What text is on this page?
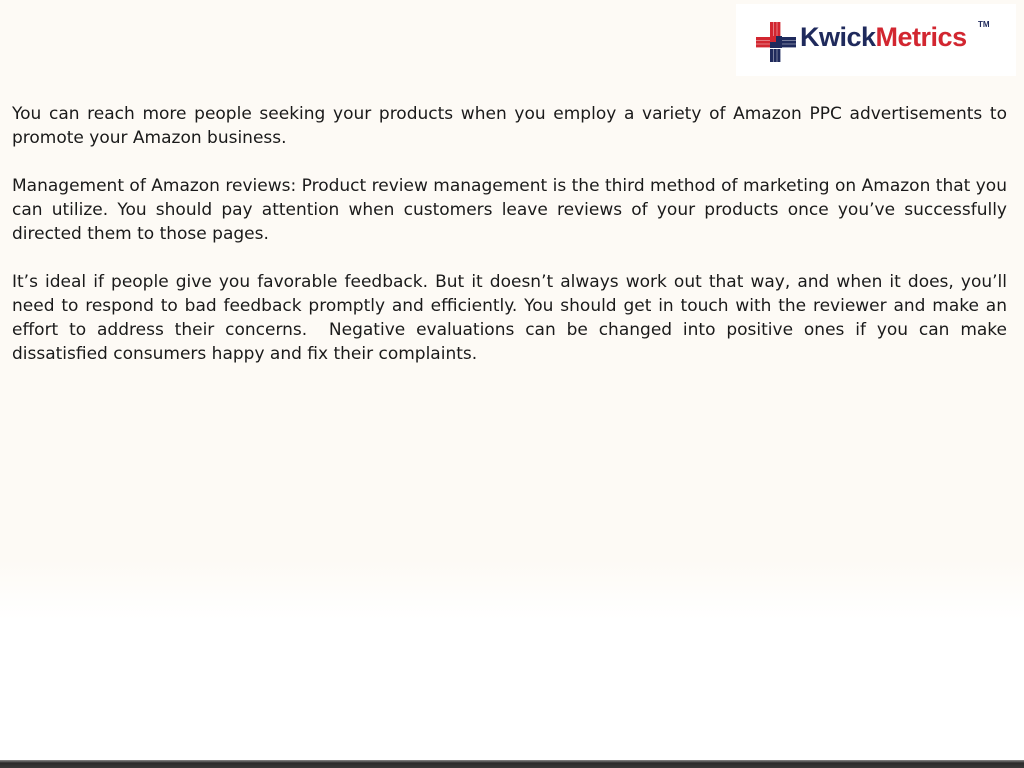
KwickMetrics TM

You can reach more people seeking your products when you employ a variety of Amazon PPC advertisements to promote your Amazon business.

Management of Amazon reviews: Product review management is the third method of marketing on Amazon that you can utilize. You should pay attention when customers leave reviews of your products once you’ve successfully directed them to those pages.

It’s ideal if people give you favorable feedback. But it doesn’t always work out that way, and when it does, you’ll need to respond to bad feedback promptly and efficiently. You should get in touch with the reviewer and make an effort to address their concerns.  Negative evaluations can be changed into positive ones if you can make dissatisfied consumers happy and fix their complaints.
